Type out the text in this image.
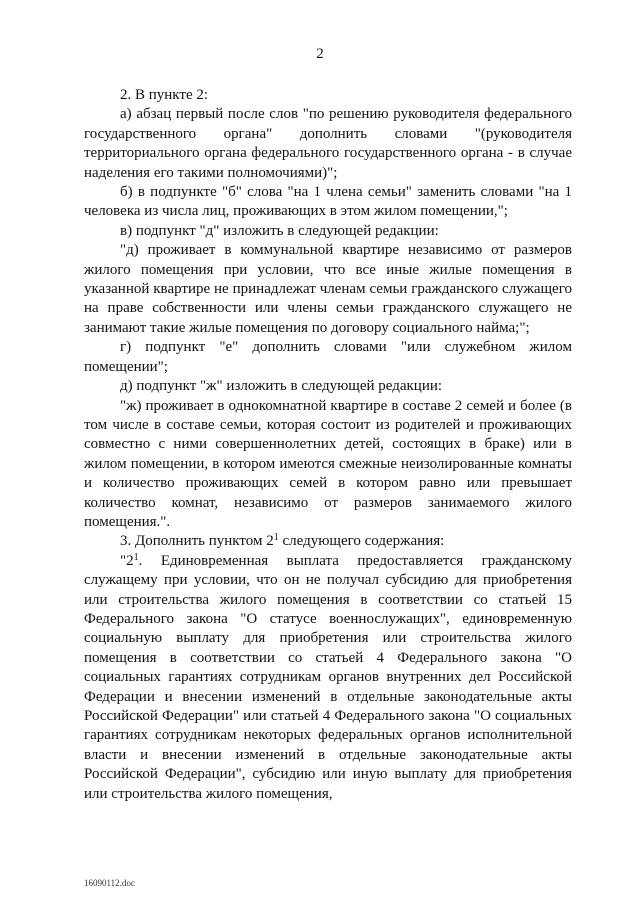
2

2. В пункте 2:

а) абзац первый после слов "по решению руководителя федерального государственного органа" дополнить словами "(руководителя территориального органа федерального государственного органа - в случае наделения его такими полномочиями)";

б) в подпункте "б" слова "на 1 члена семьи" заменить словами "на 1 человека из числа лиц, проживающих в этом жилом помещении,";

в) подпункт "д" изложить в следующей редакции:

"д) проживает в коммунальной квартире независимо от размеров жилого помещения при условии, что все иные жилые помещения в указанной квартире не принадлежат членам семьи гражданского служащего на праве собственности или члены семьи гражданского служащего не занимают такие жилые помещения по договору социального найма;";

г) подпункт "е" дополнить словами "или служебном жилом помещении";

д) подпункт "ж" изложить в следующей редакции:

"ж) проживает в однокомнатной квартире в составе 2 семей и более (в том числе в составе семьи, которая состоит из родителей и проживающих совместно с ними совершеннолетних детей, состоящих в браке) или в жилом помещении, в котором имеются смежные неизолированные комнаты и количество проживающих семей в котором равно или превышает количество комнат, независимо от размеров занимаемого жилого помещения.".

3. Дополнить пунктом $2^1$ следующего содержания:

"$2^1$. Единовременная выплата предоставляется гражданскому служащему при условии, что он не получал субсидию для приобретения или строительства жилого помещения в соответствии со статьей 15 Федерального закона "О статусе военнослужащих", единовременную социальную выплату для приобретения или строительства жилого помещения в соответствии со статьей 4 Федерального закона "О социальных гарантиях сотрудникам органов внутренних дел Российской Федерации и внесении изменений в отдельные законодательные акты Российской Федерации" или статьей 4 Федерального закона "О социальных гарантиях сотрудникам некоторых федеральных органов исполнительной власти и внесении изменений в отдельные законодательные акты Российской Федерации", субсидию или иную выплату для приобретения или строительства жилого помещения,

16090112.doc
